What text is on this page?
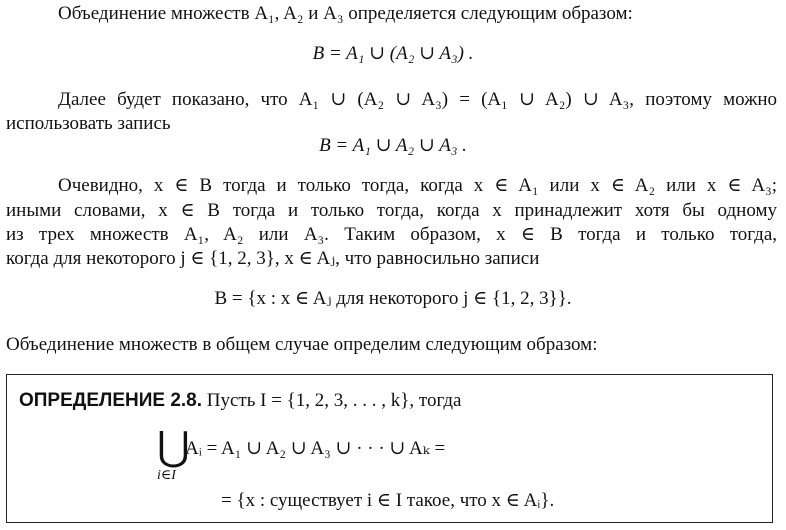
Объединение множеств A₁, A₂ и A₃ определяется следующим образом:
B = A₁ ∪ (A₂ ∪ A₃) .
Далее будет показано, что A₁ ∪ (A₂ ∪ A₃) = (A₁ ∪ A₂) ∪ A₃, поэтому можно
использовать запись
B = A₁ ∪ A₂ ∪ A₃ .
Очевидно, x ∈ B тогда и только тогда, когда x ∈ A₁ или x ∈ A₂ или x ∈ A₃;
иными словами, x ∈ B тогда и только тогда, когда x принадлежит хотя бы одному
из трех множеств A₁, A₂ или A₃. Таким образом, x ∈ B тогда и только тогда,
когда для некоторого j ∈ {1, 2, 3}, x ∈ Aⱼ, что равносильно записи
B = {x : x ∈ Aⱼ для некоторого j ∈ {1, 2, 3}}.
Объединение множеств в общем случае определим следующим образом:
ОПРЕДЕЛЕНИЕ 2.8. Пусть I = {1, 2, 3, . . . , k}, тогда
⋃
i∈I
Aᵢ = A₁ ∪ A₂ ∪ A₃ ∪ · · · ∪ Aₖ =
= {x : существует i ∈ I такое, что x ∈ Aᵢ}.
